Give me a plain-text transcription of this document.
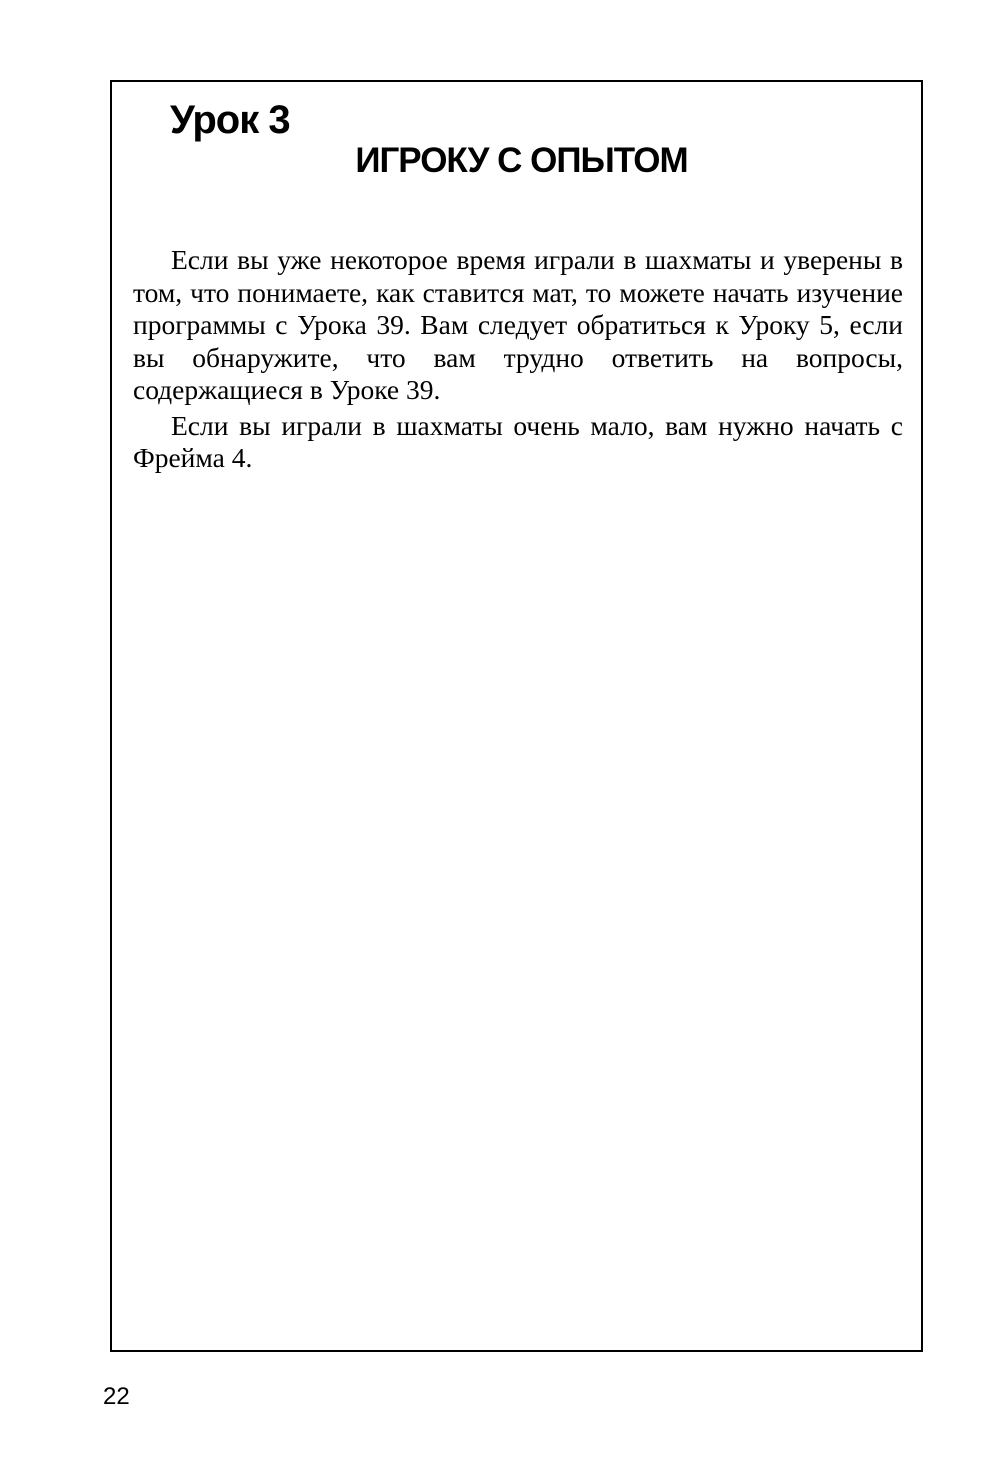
Урок 3
ИГРОКУ С ОПЫТОМ

Если вы уже некоторое время играли в шахматы и уверены в том, что понимаете, как ставится мат, то можете начать изучение программы с Урока 39. Вам следует обратиться к Уроку 5, если вы обнаружите, что вам трудно ответить на вопросы, содержащиеся в Уроке 39.

Если вы играли в шахматы очень мало, вам нужно начать с Фрейма 4.

22
